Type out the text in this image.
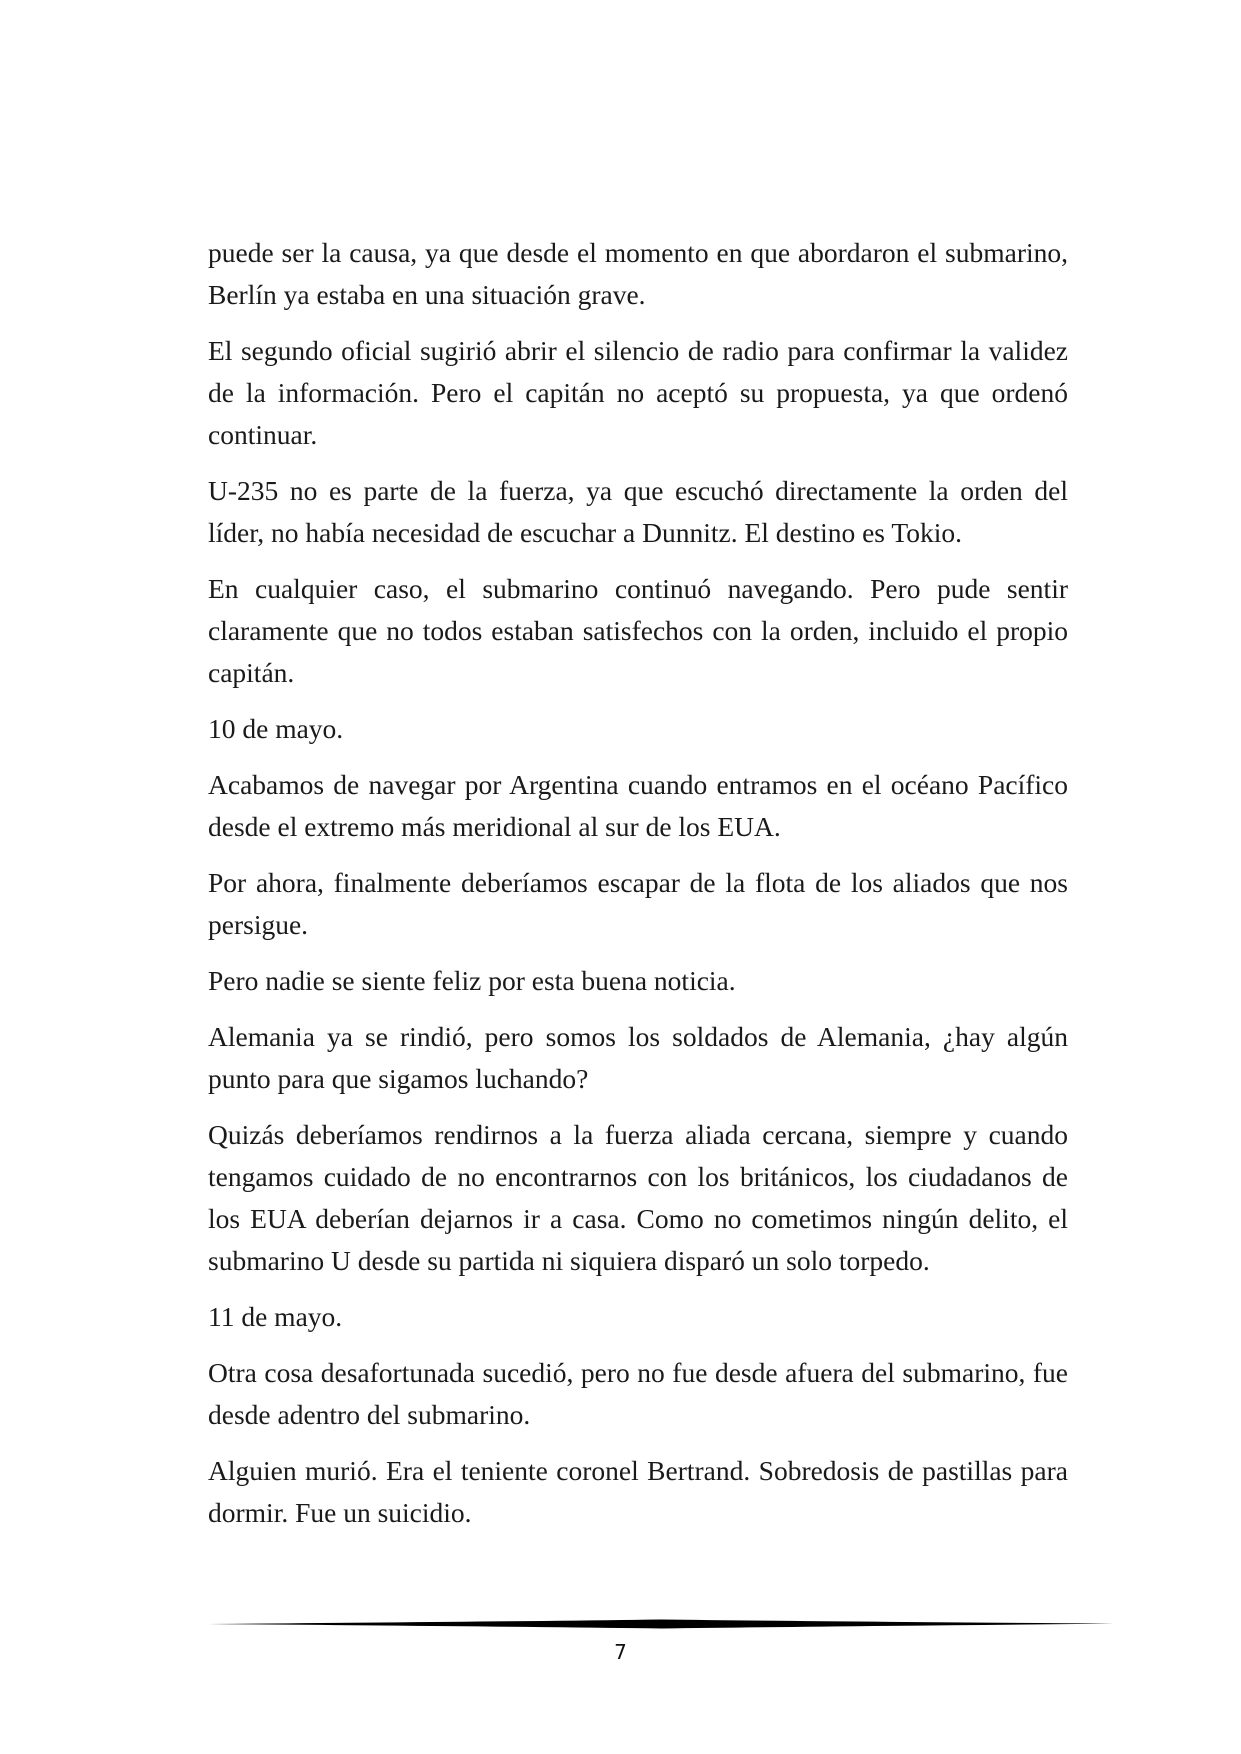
puede ser la causa, ya que desde el momento en que abordaron el submarino, Berlín ya estaba en una situación grave.

El segundo oficial sugirió abrir el silencio de radio para confirmar la validez de la información. Pero el capitán no aceptó su propuesta, ya que ordenó continuar.

U-235 no es parte de la fuerza, ya que escuchó directamente la orden del líder, no había necesidad de escuchar a Dunnitz. El destino es Tokio.

En cualquier caso, el submarino continuó navegando. Pero pude sentir claramente que no todos estaban satisfechos con la orden, incluido el propio capitán.

10 de mayo.

Acabamos de navegar por Argentina cuando entramos en el océano Pacífico desde el extremo más meridional al sur de los EUA.

Por ahora, finalmente deberíamos escapar de la flota de los aliados que nos persigue.

Pero nadie se siente feliz por esta buena noticia.

Alemania ya se rindió, pero somos los soldados de Alemania, ¿hay algún punto para que sigamos luchando?

Quizás deberíamos rendirnos a la fuerza aliada cercana, siempre y cuando tengamos cuidado de no encontrarnos con los británicos, los ciudadanos de los EUA deberían dejarnos ir a casa. Como no cometimos ningún delito, el submarino U desde su partida ni siquiera disparó un solo torpedo.

11 de mayo.

Otra cosa desafortunada sucedió, pero no fue desde afuera del submarino, fue desde adentro del submarino.

Alguien murió. Era el teniente coronel Bertrand. Sobredosis de pastillas para dormir. Fue un suicidio.

7
